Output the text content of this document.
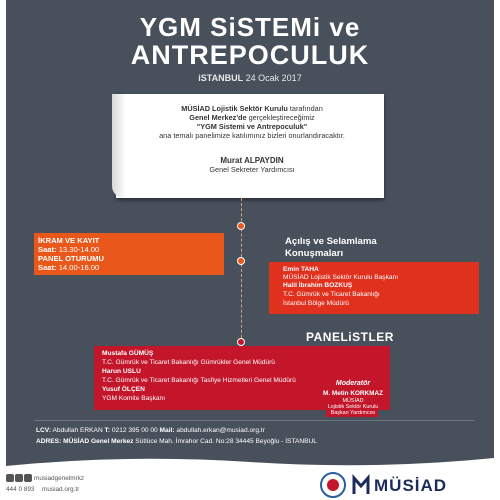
YGM SiSTEMi ve
ANTREPOCULUK
iSTANBUL 24 Ocak 2017

MÜSİAD Lojistik Sektör Kurulu tarafından

Genel Merkez'de gerçekleştireceğimiz

"YGM Sistemi ve Antrepoculuk"

ana temalı panelimize katılımınız bizleri onurlandıracaktır.

Murat ALPAYDIN

Genel Sekreter Yardımcısı

İKRAM VE KAYIT
Saat: 13.30-14.00
PANEL OTURUMU
Saat: 14.00-16.00
Açılış ve Selamlama
Konuşmaları
Emin TAHA
MÜSİAD Lojistik Sektör Kurulu Başkanı
Halil İbrahim BOZKUŞ
T.C. Gümrük ve Ticaret Bakanlığı
İstanbul Bölge Müdürü
PANELiSTLER
Mustafa GÜMÜŞ
T.C. Gümrük ve Ticaret Bakanlığı Gümrükler Genel Müdürü
Harun USLU
T.C. Gümrük ve Ticaret Bakanlığı Tasfiye Hizmetleri Genel Müdürü
Yusuf ÖLÇEN
YGM Komite Başkanı
Moderatör
M. Metin KORKMAZ
MÜSİAD
Lojistik Sektör Kurulu
Başkan Yardımcısı
LCV: Abdullah ERKAN T: 0212 395 00 00 Mail: abdullah.erkan@musiad.org.tr
ADRES: MÜSİAD Genel Merkez Sütlüce Mah. İmrahor Cad. No:28 34445 Beyoğlu - İSTANBUL
musiadgenelmrkz
444 0 893 musiad.org.tr	MÜSİAD
